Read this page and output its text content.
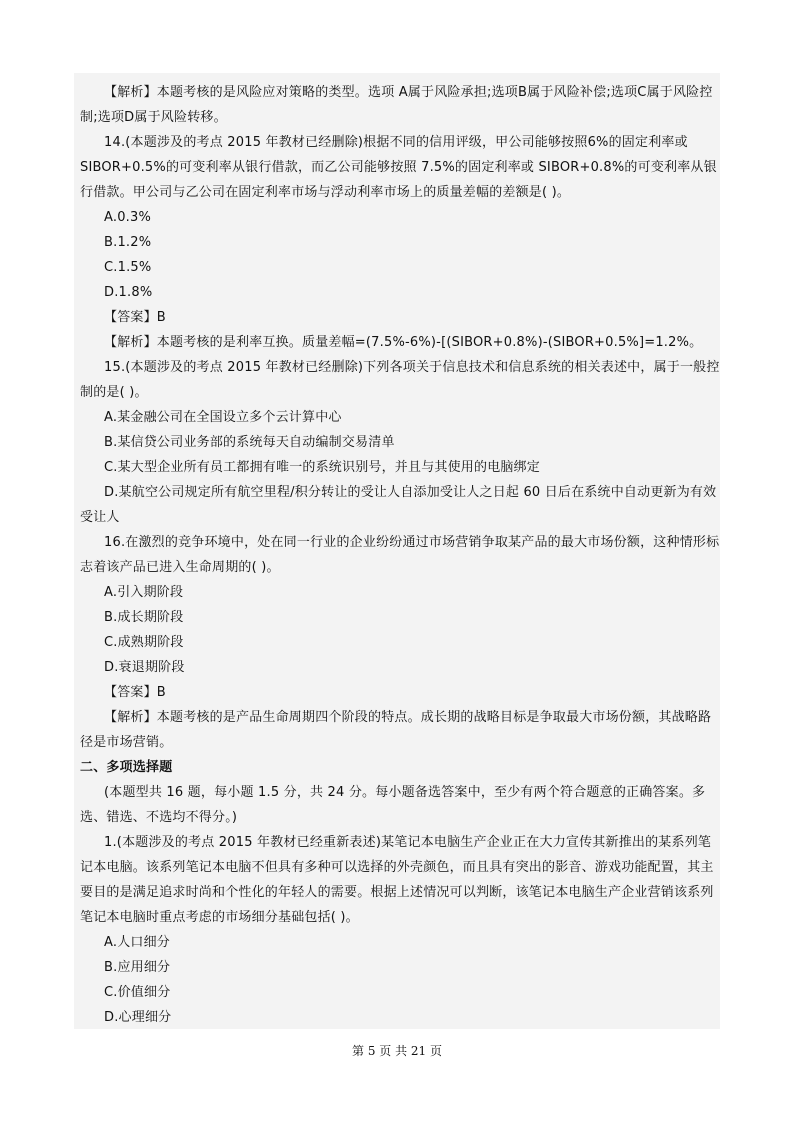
【解析】本题考核的是风险应对策略的类型。选项 A属于风险承担;选项B属于风险补偿;选项C属于风险控制;选项D属于风险转移。

14.(本题涉及的考点 2015 年教材已经删除)根据不同的信用评级，甲公司能够按照6%的固定利率或SIBOR+0.5%的可变利率从银行借款，而乙公司能够按照 7.5%的固定利率或 SIBOR+0.8%的可变利率从银行借款。甲公司与乙公司在固定利率市场与浮动利率市场上的质量差幅的差额是( )。

A.0.3%

B.1.2%

C.1.5%

D.1.8%

【答案】B

【解析】本题考核的是利率互换。质量差幅=(7.5%-6%)-[(SIBOR+0.8%)-(SIBOR+0.5%]=1.2%。

15.(本题涉及的考点 2015 年教材已经删除)下列各项关于信息技术和信息系统的相关表述中，属于一般控制的是( )。

A.某金融公司在全国设立多个云计算中心

B.某信贷公司业务部的系统每天自动编制交易清单

C.某大型企业所有员工都拥有唯一的系统识别号，并且与其使用的电脑绑定

D.某航空公司规定所有航空里程/积分转让的受让人自添加受让人之日起 60 日后在系统中自动更新为有效受让人

16.在激烈的竞争环境中，处在同一行业的企业纷纷通过市场营销争取某产品的最大市场份额，这种情形标志着该产品已进入生命周期的( )。

A.引入期阶段

B.成长期阶段

C.成熟期阶段

D.衰退期阶段

【答案】B

【解析】本题考核的是产品生命周期四个阶段的特点。成长期的战略目标是争取最大市场份额，其战略路径是市场营销。

二、多项选择题

(本题型共 16 题，每小题 1.5 分，共 24 分。每小题备选答案中，至少有两个符合题意的正确答案。多选、错选、不选均不得分。)

1.(本题涉及的考点 2015 年教材已经重新表述)某笔记本电脑生产企业正在大力宣传其新推出的某系列笔记本电脑。该系列笔记本电脑不但具有多种可以选择的外壳颜色，而且具有突出的影音、游戏功能配置，其主要目的是满足追求时尚和个性化的年轻人的需要。根据上述情况可以判断，该笔记本电脑生产企业营销该系列笔记本电脑时重点考虑的市场细分基础包括( )。

A.人口细分

B.应用细分

C.价值细分

D.心理细分

第 5 页 共 21 页
